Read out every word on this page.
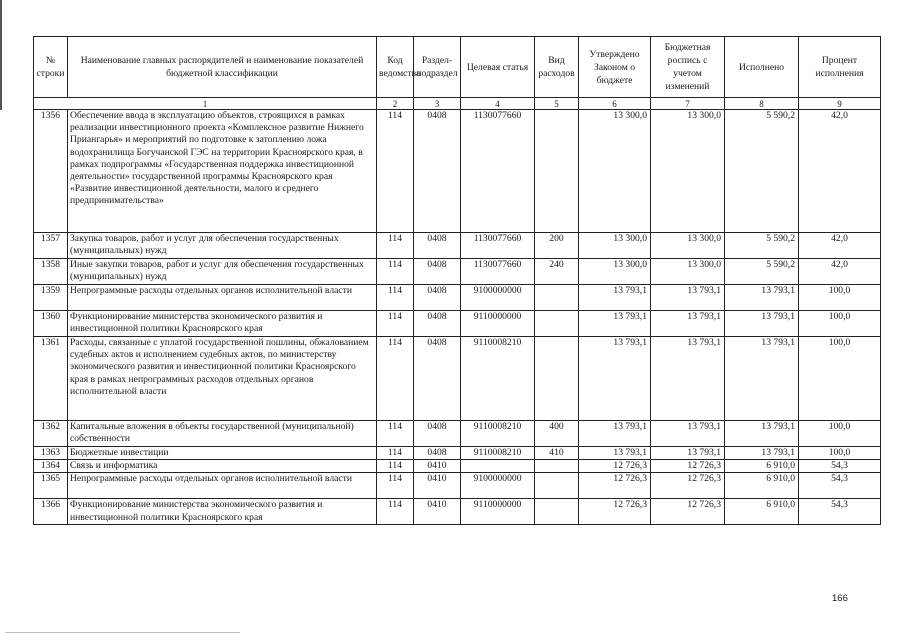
№ строки	Наименование главных распорядителей и наименование показателей бюджетной классификации	Код ведомства	Раздел-подраздел	Целевая статья	Вид расходов	Утверждено Законом о бюджете	Бюджетная роспись с учетом изменений	Исполнено	Процент исполнения
1		2	3	4	5	6	7	8	9
1356	Обеспечение ввода в эксплуатацию объектов, строящихся в рамках реализации инвестиционного проекта «Комплексное развитие Нижнего Приангарья» и мероприятий по подготовке к затоплению ложа водохранилища Богучанской ГЭС на территории Красноярского края, в рамках подпрограммы «Государственная поддержка инвестиционной деятельности» государственной программы Красноярского края «Развитие инвестиционной деятельности, малого и среднего предпринимательства»	114	0408	1130077660		13 300,0	13 300,0	5 590,2	42,0
1357	Закупка товаров, работ и услуг для обеспечения государственных (муниципальных) нужд	114	0408	1130077660	200	13 300,0	13 300,0	5 590,2	42,0
1358	Иные закупки товаров, работ и услуг для обеспечения государственных (муниципальных) нужд	114	0408	1130077660	240	13 300,0	13 300,0	5 590,2	42,0
1359	Непрограммные расходы отдельных органов исполнительной власти	114	0408	9100000000		13 793,1	13 793,1	13 793,1	100,0
1360	Функционирование министерства экономического развития и инвестиционной политики Красноярского края	114	0408	9110000000		13 793,1	13 793,1	13 793,1	100,0
1361	Расходы, связанные с уплатой государственной пошлины, обжалованием судебных актов и исполнением судебных актов, по министерству экономического развития и инвестиционной политики Красноярского края в рамках непрограммных расходов отдельных органов исполнительной власти	114	0408	9110008210		13 793,1	13 793,1	13 793,1	100,0
1362	Капитальные вложения в объекты государственной (муниципальной) собственности	114	0408	9110008210	400	13 793,1	13 793,1	13 793,1	100,0
1363	Бюджетные инвестиции	114	0408	9110008210	410	13 793,1	13 793,1	13 793,1	100,0
1364	Связь и информатика	114	0410			12 726,3	12 726,3	6 910,0	54,3
1365	Непрограммные расходы отдельных органов исполнительной власти	114	0410	9100000000		12 726,3	12 726,3	6 910,0	54,3
1366	Функционирование министерства экономического развития и инвестиционной политики Красноярского края	114	0410	9110000000		12 726,3	12 726,3	6 910,0	54,3
166
